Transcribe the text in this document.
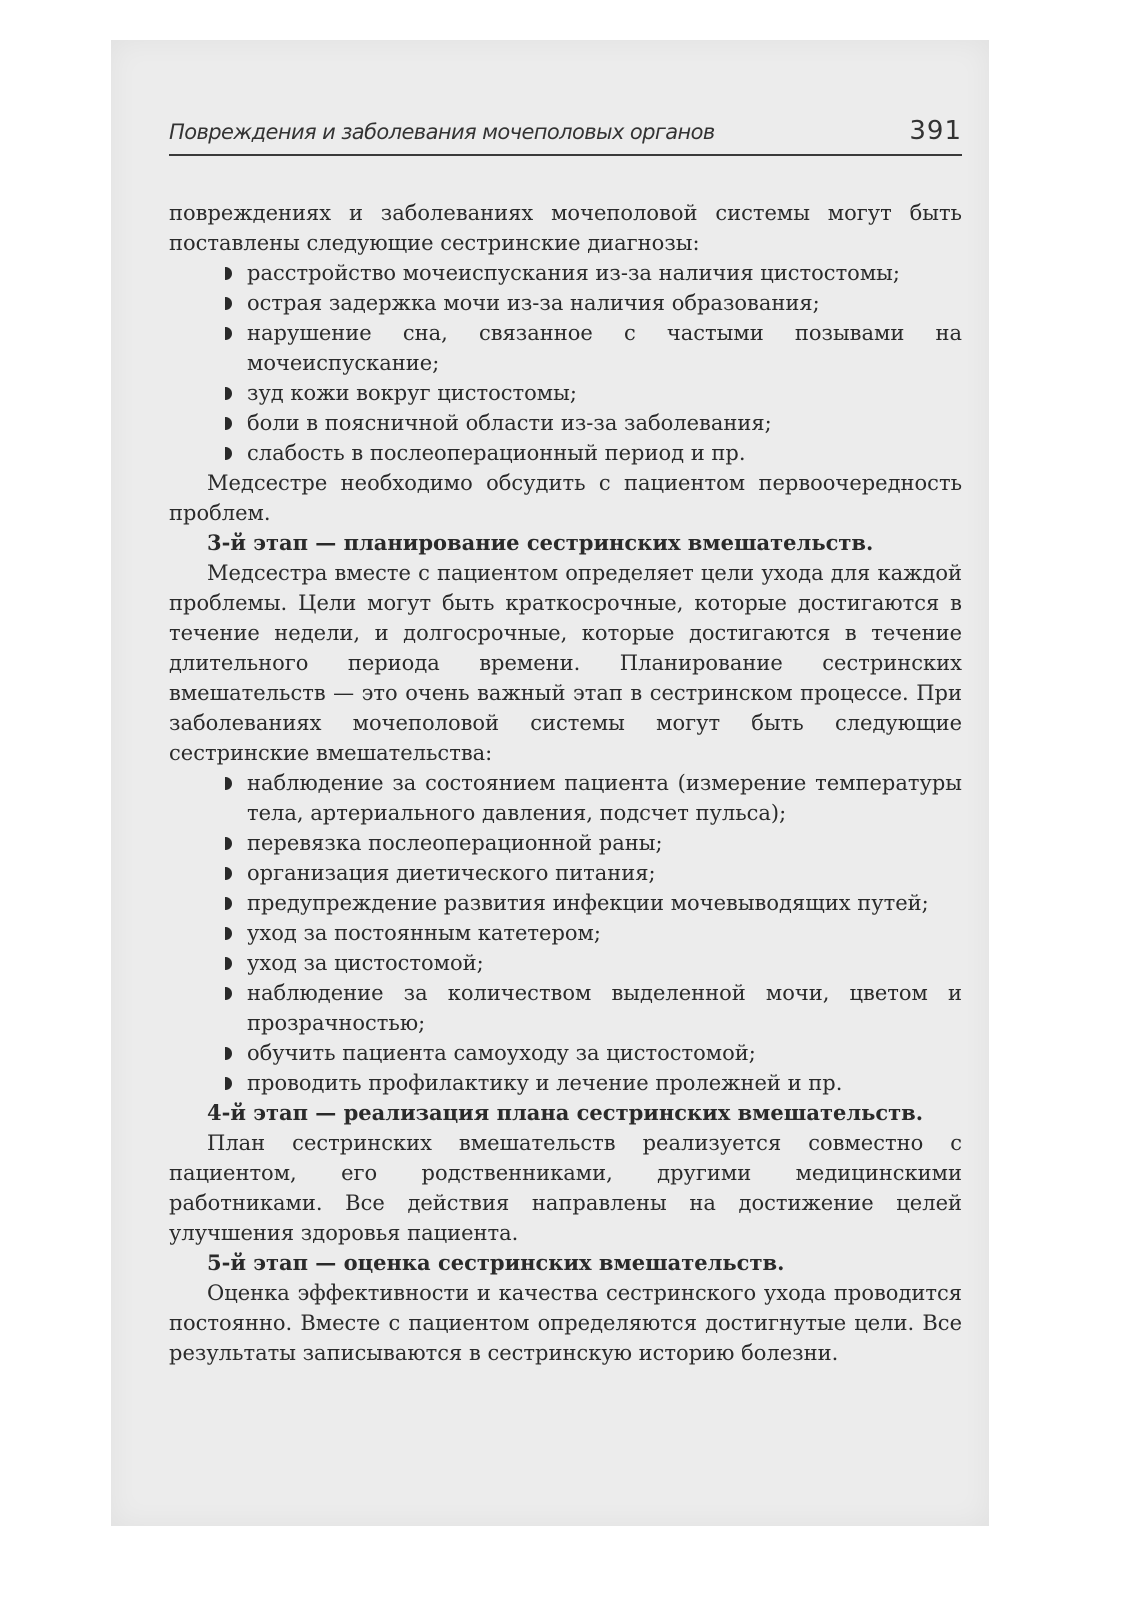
Повреждения и заболевания мочеполовых органов	391

повреждениях и заболеваниях мочеполовой системы могут быть поставлены следующие сестринские диагнозы:

расстройство мочеиспускания из-за наличия цистостомы;
острая задержка мочи из-за наличия образования;
нарушение сна, связанное с частыми позывами на мочеиспускание;
зуд кожи вокруг цистостомы;
боли в поясничной области из-за заболевания;
слабость в послеоперационный период и пр.

Медсестре необходимо обсудить с пациентом первоочередность проблем.

3-й этап — планирование сестринских вмешательств.

Медсестра вместе с пациентом определяет цели ухода для каждой проблемы. Цели могут быть краткосрочные, которые достигаются в течение недели, и долгосрочные, которые достигаются в течение длительного периода времени. Планирование сестринских вмешательств — это очень важный этап в сестринском процессе. При заболеваниях мочеполовой системы могут быть следующие сестринские вмешательства:

наблюдение за состоянием пациента (измерение температуры тела, артериального давления, подсчет пульса);
перевязка послеоперационной раны;
организация диетического питания;
предупреждение развития инфекции мочевыводящих путей;
уход за постоянным катетером;
уход за цистостомой;
наблюдение за количеством выделенной мочи, цветом и прозрачностью;
обучить пациента самоуходу за цистостомой;
проводить профилактику и лечение пролежней и пр.

4-й этап — реализация плана сестринских вмешательств.

План сестринских вмешательств реализуется совместно с пациентом, его родственниками, другими медицинскими работниками. Все действия направлены на достижение целей улучшения здоровья пациента.

5-й этап — оценка сестринских вмешательств.

Оценка эффективности и качества сестринского ухода проводится постоянно. Вместе с пациентом определяются достигнутые цели. Все результаты записываются в сестринскую историю болезни.
